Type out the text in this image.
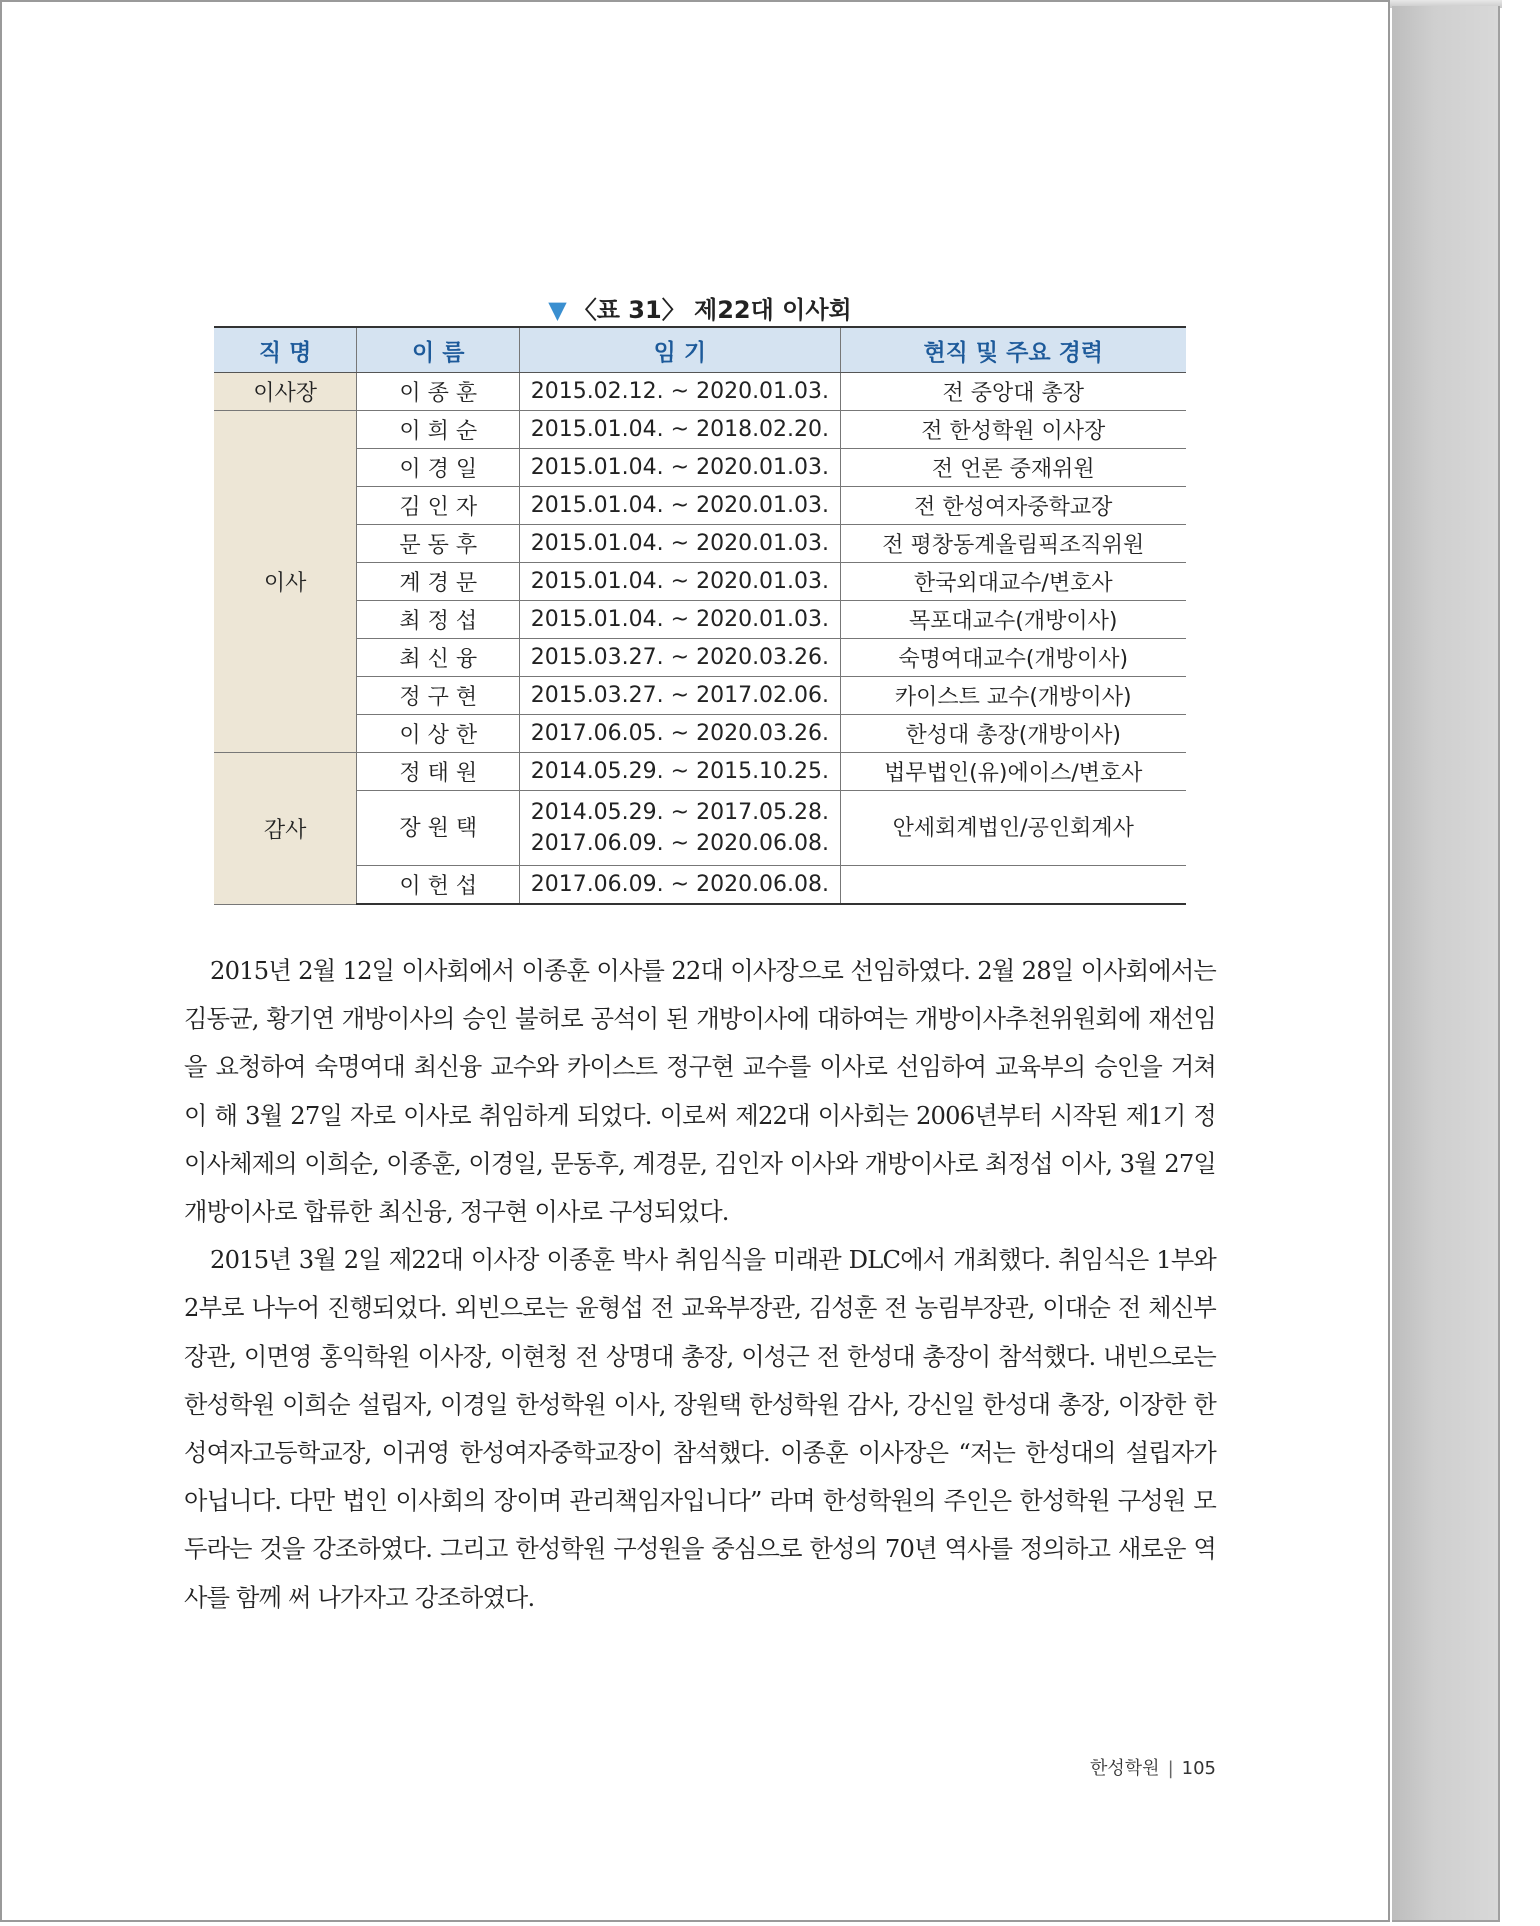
▼ 〈표 31〉 제22대 이사회
직 명	이 름	임 기	현직 및 주요 경력
이사장	이 종 훈	2015.02.12. ~ 2020.01.03.	전 중앙대 총장
이사	이 희 순	2015.01.04. ~ 2018.02.20.	전 한성학원 이사장
	이 경 일	2015.01.04. ~ 2020.01.03.	전 언론 중재위원
	김 인 자	2015.01.04. ~ 2020.01.03.	전 한성여자중학교장
	문 동 후	2015.01.04. ~ 2020.01.03.	전 평창동계올림픽조직위원
	계 경 문	2015.01.04. ~ 2020.01.03.	한국외대교수/변호사
	최 정 섭	2015.01.04. ~ 2020.01.03.	목포대교수(개방이사)
	최 신 융	2015.03.27. ~ 2020.03.26.	숙명여대교수(개방이사)
	정 구 현	2015.03.27. ~ 2017.02.06.	카이스트 교수(개방이사)
	이 상 한	2017.06.05. ~ 2020.03.26.	한성대 총장(개방이사)
감사	정 태 원	2014.05.29. ~ 2015.10.25.	법무법인(유)에이스/변호사
	장 원 택	2014.05.29. ~ 2017.05.28.
2017.06.09. ~ 2020.06.08.	안세회계법인/공인회계사
	이 헌 섭	2017.06.09. ~ 2020.06.08.	

2015년 2월 12일 이사회에서 이종훈 이사를 22대 이사장으로 선임하였다. 2월 28일 이사회에서는 김동균, 황기연 개방이사의 승인 불허로 공석이 된 개방이사에 대하여는 개방이사추천위원회에 재선임을 요청하여 숙명여대 최신융 교수와 카이스트 정구현 교수를 이사로 선임하여 교육부의 승인을 거쳐 이 해 3월 27일 자로 이사로 취임하게 되었다. 이로써 제22대 이사회는 2006년부터 시작된 제1기 정이사체제의 이희순, 이종훈, 이경일, 문동후, 계경문, 김인자 이사와 개방이사로 최정섭 이사, 3월 27일 개방이사로 합류한 최신융, 정구현 이사로 구성되었다.

2015년 3월 2일 제22대 이사장 이종훈 박사 취임식을 미래관 DLC에서 개최했다. 취임식은 1부와 2부로 나누어 진행되었다. 외빈으로는 윤형섭 전 교육부장관, 김성훈 전 농림부장관, 이대순 전 체신부장관, 이면영 홍익학원 이사장, 이현청 전 상명대 총장, 이성근 전 한성대 총장이 참석했다. 내빈으로는 한성학원 이희순 설립자, 이경일 한성학원 이사, 장원택 한성학원 감사, 강신일 한성대 총장, 이장한 한성여자고등학교장, 이귀영 한성여자중학교장이 참석했다. 이종훈 이사장은 “저는 한성대의 설립자가 아닙니다. 다만 법인 이사회의 장이며 관리책임자입니다” 라며 한성학원의 주인은 한성학원 구성원 모두라는 것을 강조하였다. 그리고 한성학원 구성원을 중심으로 한성의 70년 역사를 정의하고 새로운 역사를 함께 써 나가자고 강조하였다.

한성학원 | 105
